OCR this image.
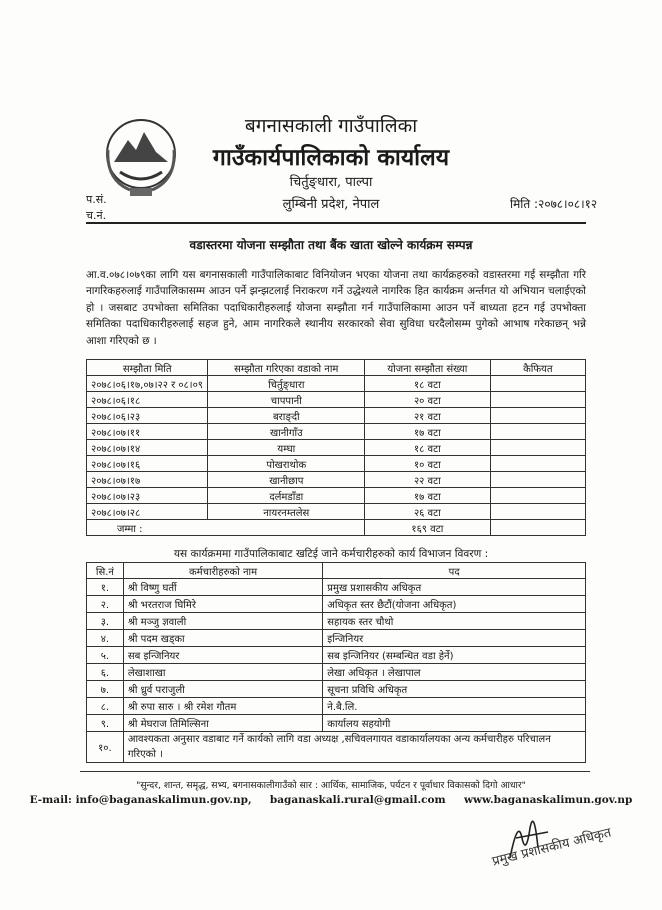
बगनासकाली गाउँपालिका
गाउँकार्यपालिकाको कार्यालय
चिर्तुङ्धारा, पाल्पा
लुम्बिनी प्रदेश, नेपाल
प.सं.
च.नं.
मिति :२०७८।०८।१२
वडास्तरमा योजना सम्झौता तथा बैंक खाता खोल्ने कार्यक्रम सम्पन्न
आ.व.०७८।०७९का लागि यस बगनासकाली गाउँपालिकाबाट विनियोजन भएका योजना तथा कार्यक्रहरुको वडास्तरमा गई सम्झौता गरि नागरिकहरुलाई गाउँपालिकासम्म आउन पर्ने झन्झटलाई निराकरण गर्ने उद्धेश्यले नागरिक हित कार्यक्रम अर्न्तगत यो अभियान चलाईएको हो । जसबाट उपभोक्ता समितिका पदाधिकारीहरुलाई योजना सम्झौता गर्न गाउँपालिकामा आउन पर्ने बाध्यता हटन गई उपभोक्ता समितिका पदाधिकारीहरुलाई सहज हुने, आम नागरिकले स्थानीय सरकारको सेवा सुविधा घरदैलोसम्म पुगेको आभाष गरेकाछन् भन्ने आशा गरिएको छ ।
सम्झौता मिति	सम्झौता गरिएका वडाको नाम	योजना सम्झौता संख्या	कैफियत
२०७८।०६।१७,०७।२२ र ०८।०९	चिर्तुङ्धारा	१८ वटा	
२०७८।०६।१८	चापपानी	२० वटा	
२०७८।०६।२३	बराङ्दी	२१ वटा	
२०७८।०७।११	खानीगाँउ	१७ वटा	
२०७८।०७।१४	यम्घा	१८ वटा	
२०७८।०७।१६	पोखराथोक	१० वटा	
२०७८।०७।१७	खानीछाप	२२ वटा	
२०७८।०७।२३	दर्लमडाँडा	१७ वटा	
२०७८।०७।२८	नायरनम्तलेस	२६ वटा	
जम्मा :		१६९ वटा	
यस कार्यक्रममा गाउँपालिकाबाट खटिई जाने कर्मचारीहरुको कार्य विभाजन विवरण :
सि.नं	कर्मचारीहरुको नाम	पद
१.	श्री विष्णु घर्ती	प्रमुख प्रशासकीय अधिकृत
२.	श्री भरतराज घिमिरे	अधिकृत स्तर छैटौं(योजना अधिकृत)
३.	श्री मञ्जु ज्ञवाली	सहायक स्तर चौथो
४.	श्री पदम खड्का	इन्जिनियर
५.	सब इन्जिनियर	सब इन्जिनियर (सम्बन्धित वडा हेर्ने)
६.	लेखाशाखा	लेखा अधिकृत । लेखापाल
७.	श्री ध्रुर्व पराजुली	सूचना प्रविधि अधिकृत
८.	श्री रुपा सारु । श्री रमेश गौतम	ने.बै.लि.
९.	श्री मेघराज तिमिल्सिना	कार्यालय सहयोगी
१०.	आवश्यकता अनुसार वडाबाट गर्ने कार्यको लागि वडा अध्यक्ष ,सचिवलगायत वडाकार्यालयका अन्य कर्मचारीहरु परिचालन गरिएको ।	
"सुन्दर, शान्त, समृद्ध, सभ्य, बगनासकालीगाउँको सार : आर्थिक, सामाजिक, पर्यटन र पूर्वाधार विकासको दिगो आधार"
E-mail: info@baganaskalimun.gov.np, baganaskali.rural@gmail.com www.baganaskalimun.gov.np
प्रमुख प्रशासकीय अधिकृत
